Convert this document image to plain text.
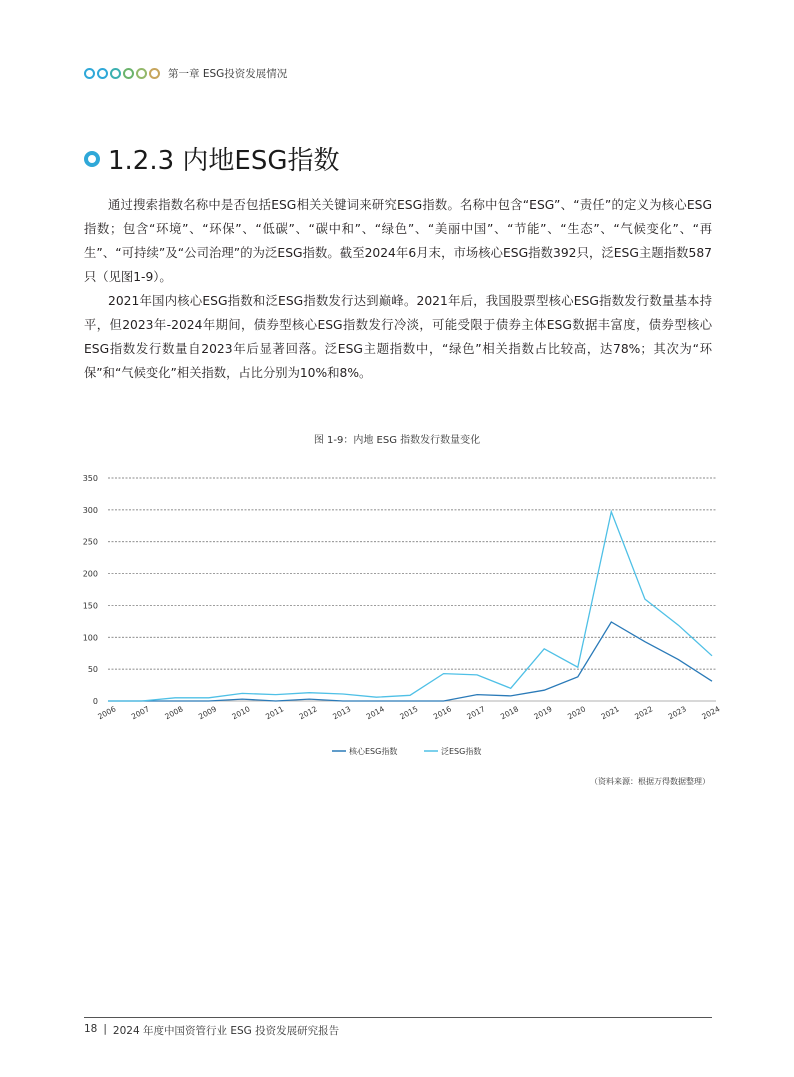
第一章 ESG投资发展情况
1.2.3 内地ESG指数

通过搜索指数名称中是否包括ESG相关关键词来研究ESG指数。名称中包含“ESG”、“责任”的定义为核心ESG指数；包含“环境”、“环保”、“低碳”、“碳中和”、“绿色”、“美丽中国”、“节能”、“生态”、“气候变化”、“再生”、“可持续”及“公司治理”的为泛ESG指数。截至2024年6月末，市场核心ESG指数392只，泛ESG主题指数587只（见图1-9）。

2021年国内核心ESG指数和泛ESG指数发行达到巅峰。2021年后，我国股票型核心ESG指数发行数量基本持平，但2023年-2024年期间，债券型核心ESG指数发行冷淡，可能受限于债券主体ESG数据丰富度，债券型核心ESG指数发行数量自2023年后显著回落。泛ESG主题指数中，“绿色”相关指数占比较高，达78%；其次为“环保”和“气候变化”相关指数，占比分别为10%和8%。

图 1-9：内地 ESG 指数发行数量变化
0
50
100
150
200
250
300
350
2006 2007 2008 2009 2010 2011 2012 2013 2014 2015 2016 2017 2018 2019 2020 2021 2022 2023 2024
核心ESG指数	泛ESG指数
（资料来源：根据万得数据整理）
18 | 2024 年度中国资管行业 ESG 投资发展研究报告
